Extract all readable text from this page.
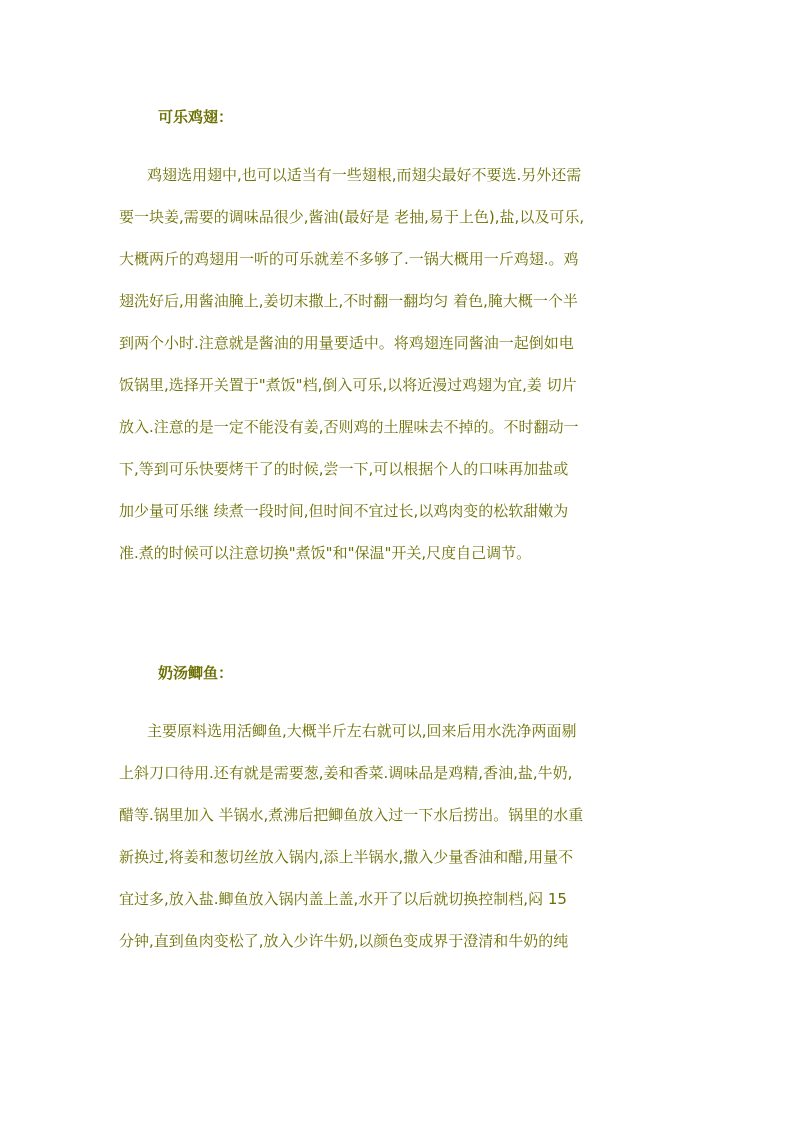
可乐鸡翅：
鸡翅选用翅中,也可以适当有一些翅根,而翅尖最好不要选.另外还需
要一块姜,需要的调味品很少,酱油(最好是 老抽,易于上色),盐,以及可乐,
大概两斤的鸡翅用一听的可乐就差不多够了.一锅大概用一斤鸡翅.。鸡
翅洗好后,用酱油腌上,姜切末撒上,不时翻一翻均匀 着色,腌大概一个半
到两个小时.注意就是酱油的用量要适中。将鸡翅连同酱油一起倒如电
饭锅里,选择开关置于"煮饭"档,倒入可乐,以将近漫过鸡翅为宜,姜 切片
放入.注意的是一定不能没有姜,否则鸡的土腥味去不掉的。不时翻动一
下,等到可乐快要烤干了的时候,尝一下,可以根据个人的口味再加盐或
加少量可乐继 续煮一段时间,但时间不宜过长,以鸡肉变的松软甜嫩为
准.煮的时候可以注意切换"煮饭"和"保温"开关,尺度自己调节。
奶汤鲫鱼：
主要原料选用活鲫鱼,大概半斤左右就可以,回来后用水洗净两面剔
上斜刀口待用.还有就是需要葱,姜和香菜.调味品是鸡精,香油,盐,牛奶,
醋等.锅里加入 半锅水,煮沸后把鲫鱼放入过一下水后捞出。锅里的水重
新换过,将姜和葱切丝放入锅内,添上半锅水,撒入少量香油和醋,用量不
宜过多,放入盐.鲫鱼放入锅内盖上盖,水开了以后就切换控制档,闷 15
分钟,直到鱼肉变松了,放入少许牛奶,以颜色变成界于澄清和牛奶的纯
